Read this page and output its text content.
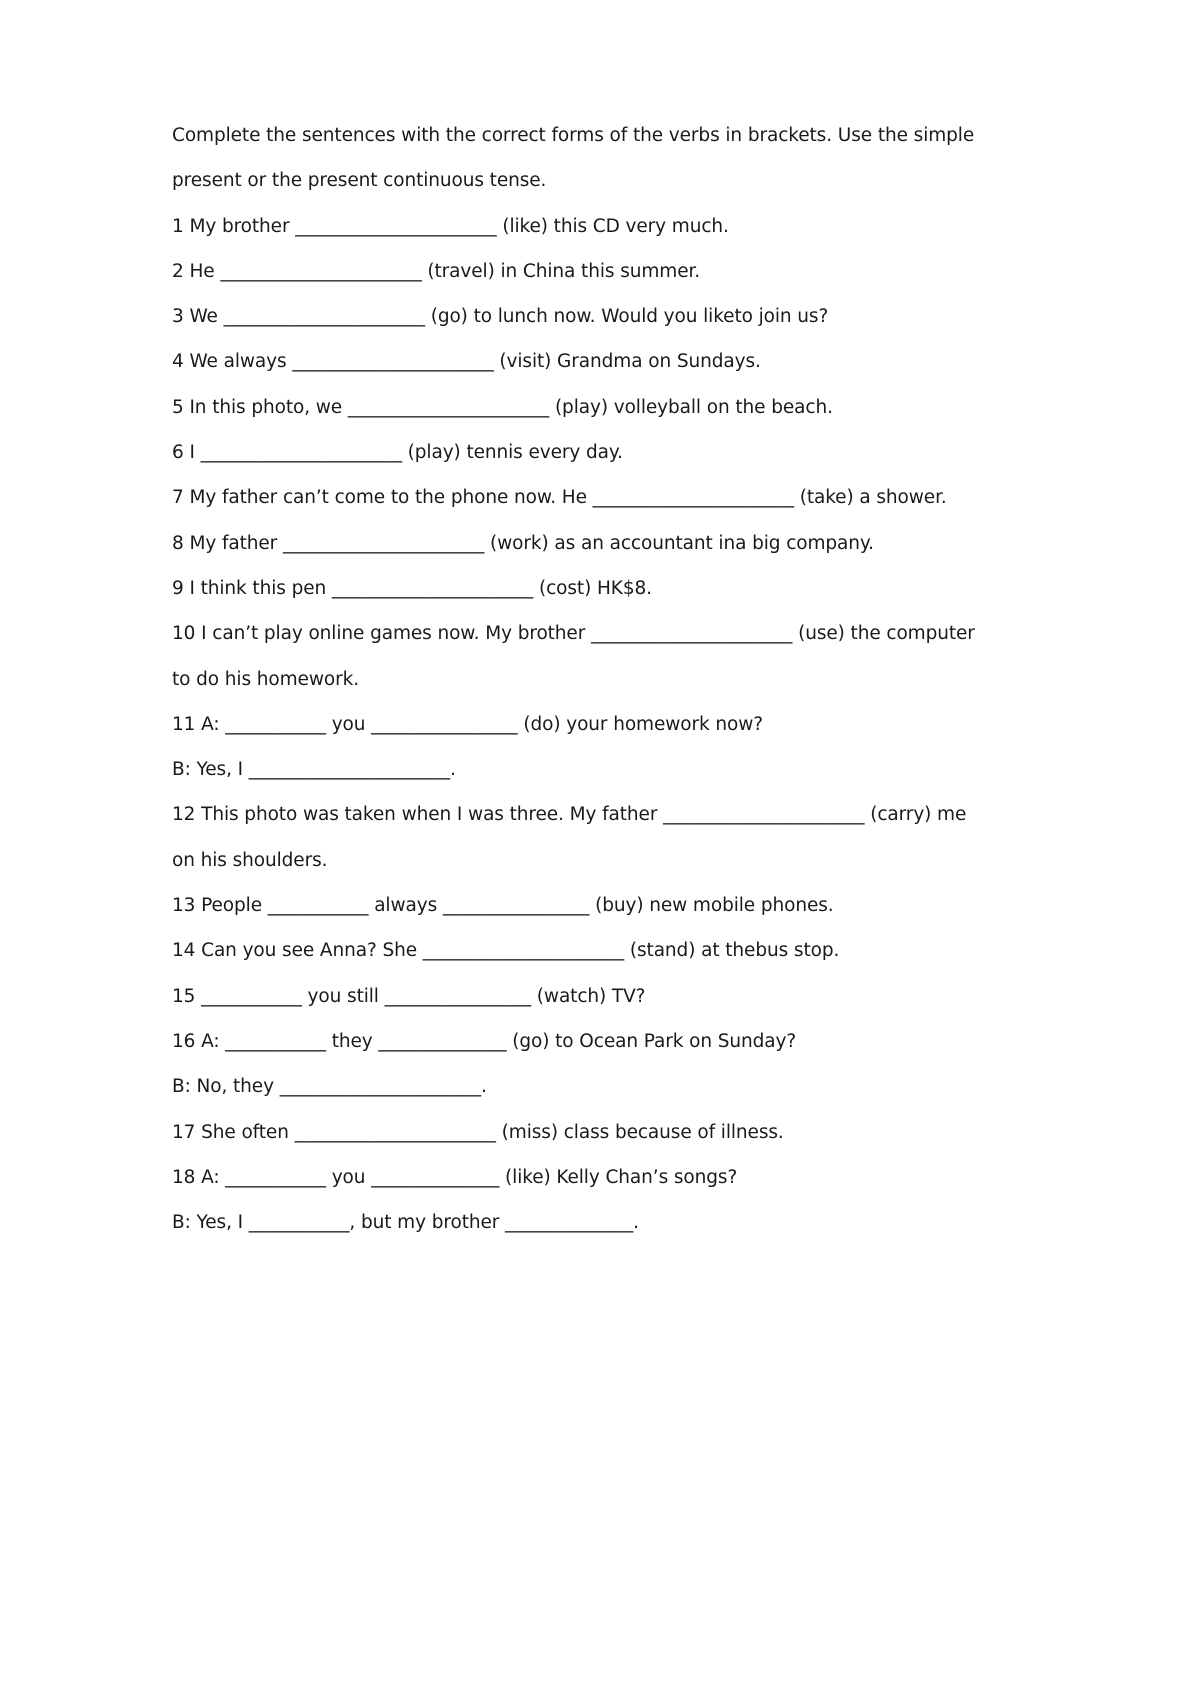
Complete the sentences with the correct forms of the verbs in brackets. Use the simple
present or the present continuous tense.
1 My brother ______________________ (like) this CD very much.
2 He ______________________ (travel) in China this summer.
3 We ______________________ (go) to lunch now. Would you liketo join us?
4 We always ______________________ (visit) Grandma on Sundays.
5 In this photo, we ______________________ (play) volleyball on the beach.
6 I ______________________ (play) tennis every day.
7 My father can’t come to the phone now. He ______________________ (take) a shower.
8 My father ______________________ (work) as an accountant ina big company.
9 I think this pen ______________________ (cost) HK$8.
10 I can’t play online games now. My brother ______________________ (use) the computer
to do his homework.
11 A: ___________ you ________________ (do) your homework now?
B: Yes, I ______________________.
12 This photo was taken when I was three. My father ______________________ (carry) me
on his shoulders.
13 People ___________ always ________________ (buy) new mobile phones.
14 Can you see Anna? She ______________________ (stand) at thebus stop.
15 ___________ you still ________________ (watch) TV?
16 A: ___________ they ______________ (go) to Ocean Park on Sunday?
B: No, they ______________________.
17 She often ______________________ (miss) class because of illness.
18 A: ___________ you ______________ (like) Kelly Chan’s songs?
B: Yes, I ___________, but my brother ______________.
